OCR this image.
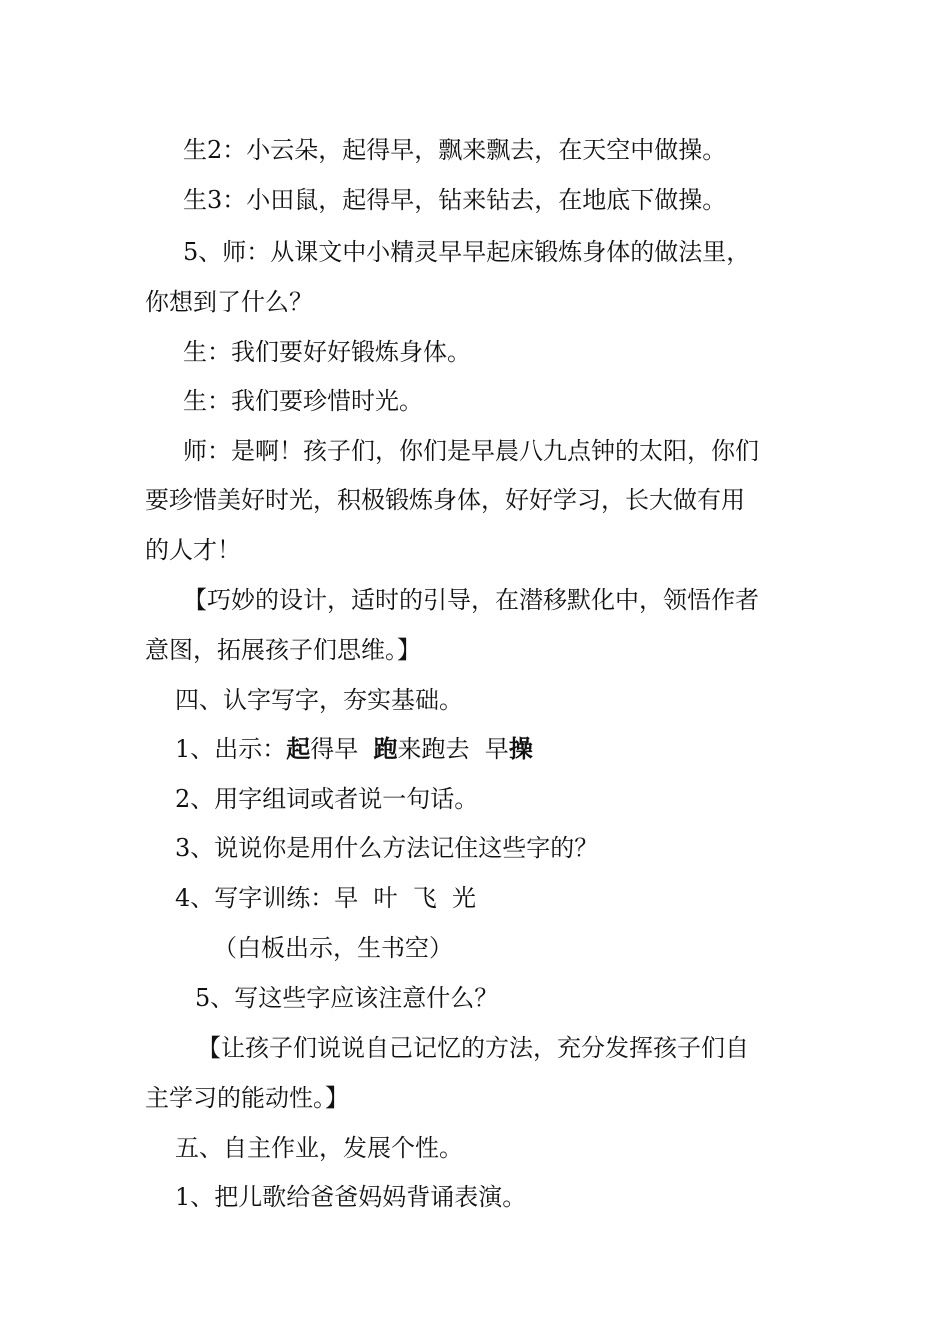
生2：小云朵，起得早，飘来飘去，在天空中做操。
生3：小田鼠，起得早，钻来钻去，在地底下做操。
5、师：从课文中小精灵早早起床锻炼身体的做法里，
你想到了什么？
生：我们要好好锻炼身体。
生：我们要珍惜时光。
师：是啊！孩子们，你们是早晨八九点钟的太阳，你们
要珍惜美好时光，积极锻炼身体，好好学习，长大做有用
的人才！
【巧妙的设计，适时的引导，在潜移默化中，领悟作者
意图，拓展孩子们思维。】
四、认字写字，夯实基础。
1、出示：起得早  跑来跑去  早操
2、用字组词或者说一句话。
3、说说你是用什么方法记住这些字的？
4、写字训练：早  叶  飞  光
（白板出示，生书空）
5、写这些字应该注意什么？
【让孩子们说说自己记忆的方法，充分发挥孩子们自
主学习的能动性。】
五、自主作业，发展个性。
1、把儿歌给爸爸妈妈背诵表演。
